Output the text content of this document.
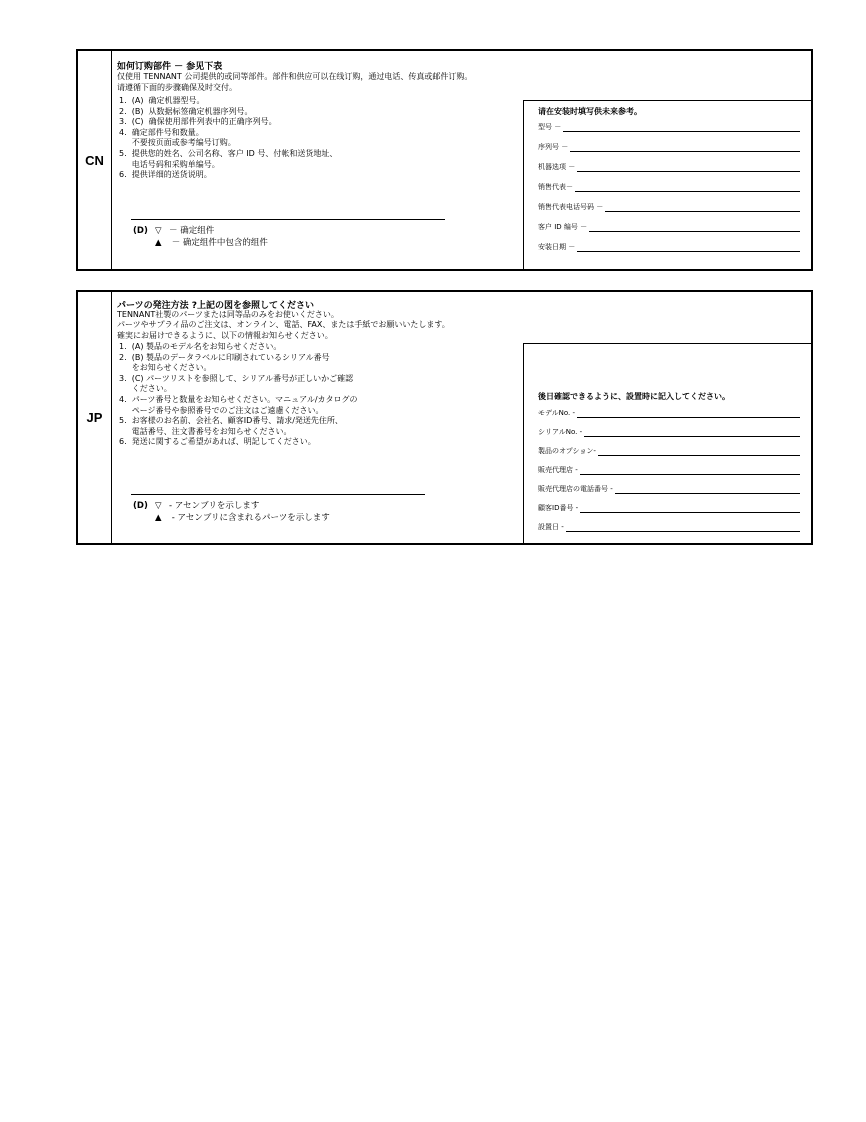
CN
如何订购部件 － 参见下表
仅使用 TENNANT 公司提供的或同等部件。部件和供应可以在线订购，通过电话、传真或邮件订购。
请遵循下面的步骤确保及时交付。
1.  (A)  确定机器型号。
2.  (B)  从数据标签确定机器序列号。
3.  (C)  确保使用部件列表中的正确序列号。
4.  确定部件号和数量。
不要按页面或参考编号订购。
5.  提供您的姓名、公司名称、客户 ID 号、付帐和送货地址、
电话号码和采购单编号。
6.  提供详细的送货说明。
(D) ▽ － 确定组件
▲ － 确定组件中包含的组件
请在安装时填写供未来参考。
型号 －
序列号 －
机器选项 －
销售代表－
销售代表电话号码 －
客户 ID 编号 －
安装日期 －
JP
パーツの発注方法 ?上記の図を参照してください
TENNANT社製のパーツまたは同等品のみをお使いください。
パーツやサプライ品のご注文は、オンライン、電話、FAX、または手紙でお願いいたします。
確実にお届けできるように、以下の情報お知らせください。
1.  (A) 製品のモデル名をお知らせください。
2.  (B) 製品のデータラベルに印刷されているシリアル番号
をお知らせください。
3.  (C) パーツリストを参照して、シリアル番号が正しいかご確認
ください。
4.  パーツ番号と数量をお知らせください。マニュアル/カタログの
ページ番号や参照番号でのご注文はご遠慮ください。
5.  お客様のお名前、会社名、顧客ID番号、請求/発送先住所、
電話番号、注文書番号をお知らせください。
6.  発送に関するご希望があれば、明記してください。
(D) ▽ - アセンブリを示します
▲ - アセンブリに含まれるパーツを示します
後日確認できるように、設置時に記入してください。
モデルNo. -
シリアルNo. -
製品のオプション-
販売代理店 -
販売代理店の電話番号 -
顧客ID番号 -
設置日 -
